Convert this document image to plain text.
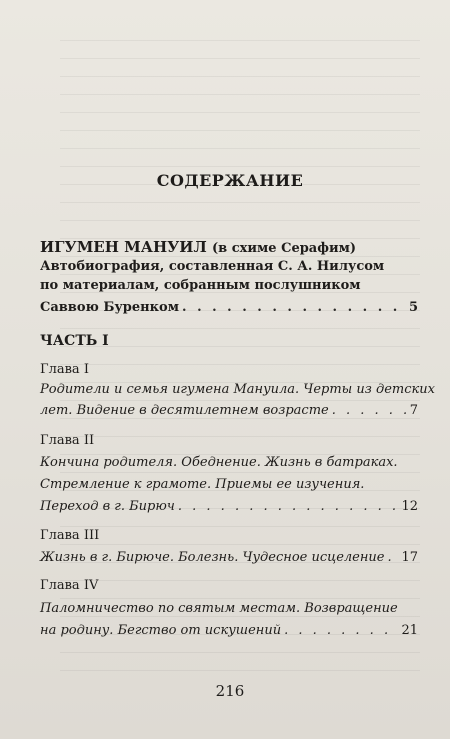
СОДЕРЖАНИЕ
ИГУМЕН МАНУИЛ (в схиме Серафим)
Автобиография, составленная С. А. Нилусом
по материалам, собранным послушником
Саввою Буренком . . .	5
ЧАСТЬ I
Глава I
Родители и семья игумена Мануила. Черты из детских
лет. Видение в десятилетнем возрасте . . .	7
Глава II
Кончина родителя. Обеднение. Жизнь в батраках.
Стремление к грамоте. Приемы ее изучения.
Переход в г. Бирюч . . .	12
Глава III
Жизнь в г. Бирюче. Болезнь. Чудесное исцеление . . . 17
Глава IV
Паломничество по святым местам. Возвращение
на родину. Бегство от искушений . . .	21
216
